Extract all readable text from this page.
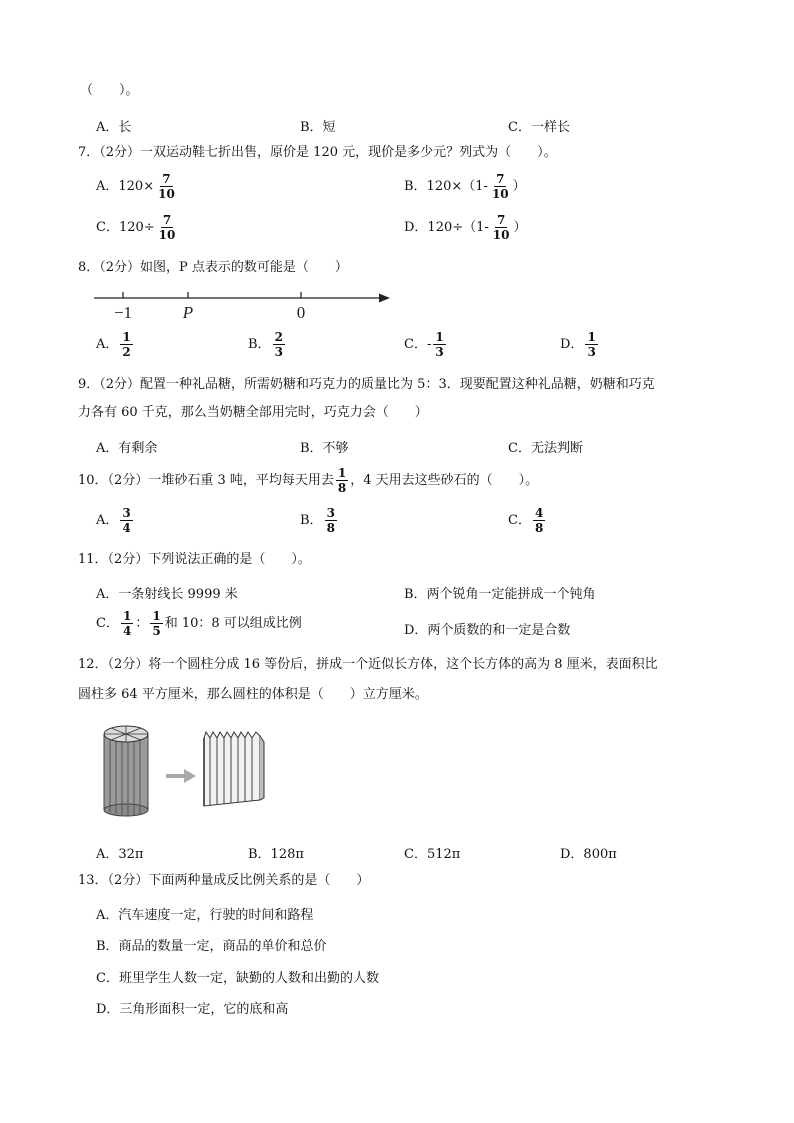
（　　）。
A．长	B．短	C．一样长
7．（2分）一双运动鞋七折出售，原价是 120 元，现价是多少元？列式为（　　）。
A．$120\times \frac{7}{10}$	B．$120\times(1- \frac{7}{10}$ ）
C．$120\div \frac{7}{10}$	D．$120\div(1- \frac{7}{10}$ ）
8．（2分）如图，P 点表示的数可能是（　　）
−1	P	0
A． $\frac{1}{2}$	B． $\frac{2}{3}$	C．- $\frac{1}{3}$	D． $\frac{1}{3}$
9．（2分）配置一种礼品糖，所需奶糖和巧克力的质量比为 5：3．现要配置这种礼品糖，奶糖和巧克
力各有 60 千克，那么当奶糖全部用完时，巧克力会（　　）
A．有剩余	B．不够	C．无法判断
10．（2分）一堆砂石重 3 吨，平均每天用去 $\frac{1}{8}$ ，4 天用去这些砂石的（　　）。
A． $\frac{3}{4}$	B． $\frac{3}{8}$	C． $\frac{4}{8}$
11．（2分）下列说法正确的是（　　）。
A．一条射线长 9999 米	B．两个锐角一定能拼成一个钝角
C． $\frac{1}{4}$ ： $\frac{1}{5}$ 和 10：8 可以组成比例	D．两个质数的和一定是合数
12．（2分）将一个圆柱分成 16 等份后，拼成一个近似长方体，这个长方体的高为 8 厘米，表面积比
圆柱多 64 平方厘米，那么圆柱的体积是（　　）立方厘米。
A．32π	B．128π	C．512π	D．800π
13．（2分）下面两种量成反比例关系的是（　　）
A．汽车速度一定，行驶的时间和路程
B．商品的数量一定，商品的单价和总价
C．班里学生人数一定，缺勤的人数和出勤的人数
D．三角形面积一定，它的底和高
